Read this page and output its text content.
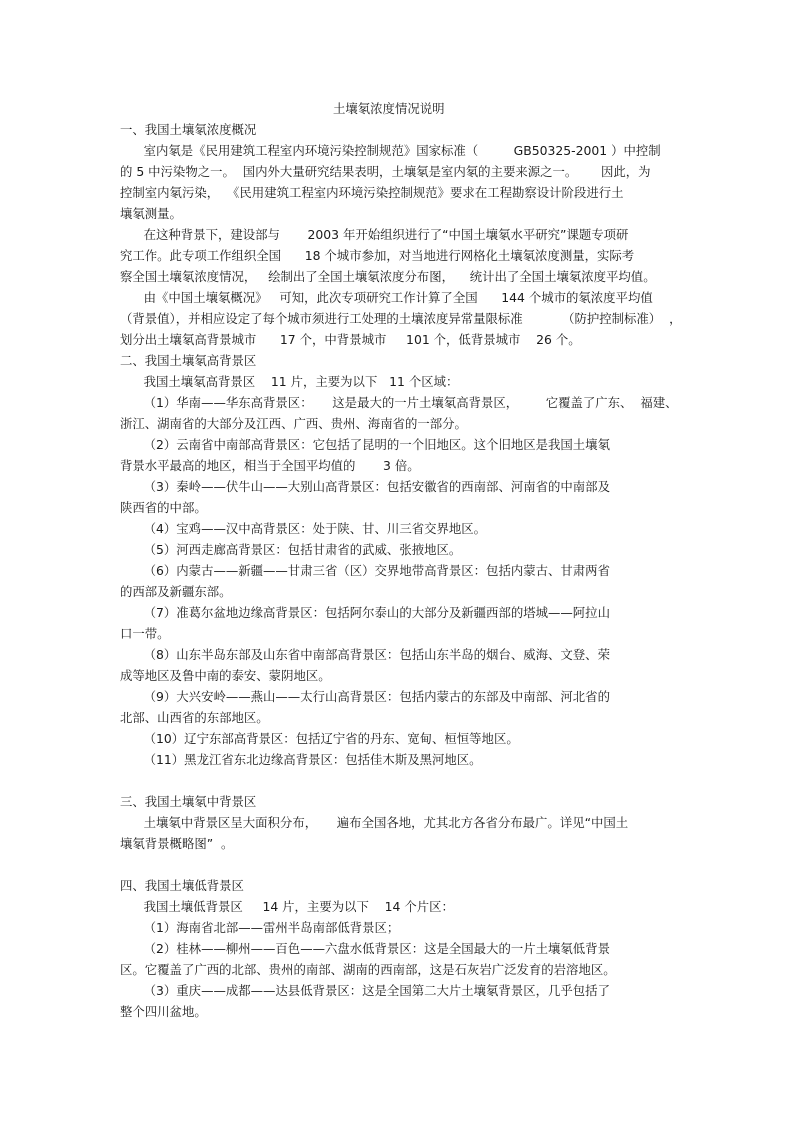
土壤氡浓度情况说明
一、我国土壤氡浓度概况
室内氡是《民用建筑工程室内环境污染控制规范》国家标准（         GB50325-2001 ）中控制
的 5 中污染物之一。  国内外大量研究结果表明，土壤氡是室内氡的主要来源之一。      因此，为
控制室内氡污染，  《民用建筑工程室内环境污染控制规范》要求在工程勘察设计阶段进行土
壤氡测量。
在这种背景下，建设部与       2003 年开始组织进行了“中国土壤氡水平研究”课题专项研
究工作。此专项工作组织全国      18 个城市参加，对当地进行网格化土壤氡浓度测量，实际考
察全国土壤氡浓度情况，   绘制出了全国土壤氡浓度分布图，    统计出了全国土壤氡浓度平均值。
由《中国土壤氡概况》   可知，此次专项研究工作计算了全国      144 个城市的氡浓度平均值
（背景值），并相应设定了每个城市须进行工处理的土壤浓度异常量限标准          （防护控制标准）  ，
划分出土壤氡高背景城市      17 个，中背景城市     101 个，低背景城市    26 个。
二、我国土壤氡高背景区
我国土壤氡高背景区    11 片，主要为以下   11 个区域：
（1）华南——华东高背景区：     这是最大的一片土壤氡高背景区，       它覆盖了广东、  福建、
浙江、湖南省的大部分及江西、广西、贵州、海南省的一部分。
（2）云南省中南部高背景区：它包括了昆明的一个旧地区。这个旧地区是我国土壤氡
背景水平最高的地区，相当于全国平均值的       3 倍。
（3）秦岭——伏牛山——大别山高背景区：包括安徽省的西南部、河南省的中南部及
陕西省的中部。
（4）宝鸡——汉中高背景区：处于陕、甘、川三省交界地区。
（5）河西走廊高背景区：包括甘肃省的武威、张掖地区。
（6）内蒙古——新疆——甘肃三省（区）交界地带高背景区：包括内蒙古、甘肃两省
的西部及新疆东部。
（7）准葛尔盆地边缘高背景区：包括阿尔泰山的大部分及新疆西部的塔城——阿拉山
口一带。
（8）山东半岛东部及山东省中南部高背景区：包括山东半岛的烟台、威海、文登、荣
成等地区及鲁中南的泰安、蒙阴地区。
（9）大兴安岭——燕山——太行山高背景区：包括内蒙古的东部及中南部、河北省的
北部、山西省的东部地区。
（10）辽宁东部高背景区：包括辽宁省的丹东、宽甸、桓恒等地区。
（11）黑龙江省东北边缘高背景区：包括佳木斯及黑河地区。
三、我国土壤氡中背景区
土壤氡中背景区呈大面积分布，     遍布全国各地，尤其北方各省分布最广。详见“中国土
壤氡背景概略图”  。
四、我国土壤低背景区
我国土壤低背景区     14 片，主要为以下    14 个片区：
（1）海南省北部——雷州半岛南部低背景区；
（2）桂林——柳州——百色——六盘水低背景区：这是全国最大的一片土壤氡低背景
区。它覆盖了广西的北部、贵州的南部、湖南的西南部，这是石灰岩广泛发育的岩溶地区。
（3）重庆——成都——达县低背景区：这是全国第二大片土壤氡背景区，几乎包括了
整个四川盆地。
